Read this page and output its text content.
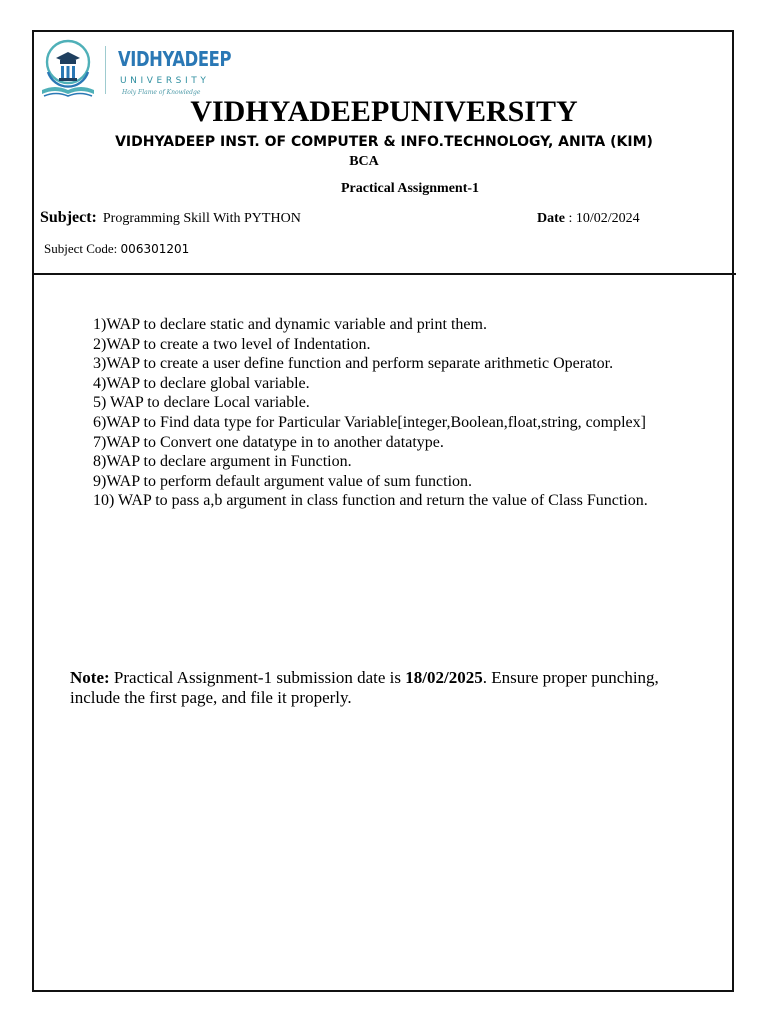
VIDHYADEEP
UNIVERSITY
Holy Flame of Knowledge
VIDHYADEEPUNIVERSITY
VIDHYADEEP INST. OF COMPUTER & INFO.TECHNOLOGY, ANITA (KIM)
BCA
Practical Assignment-1
Subject: Programming Skill With PYTHON	Date : 10/02/2024
Subject Code: 006301201
1)WAP to declare static and dynamic variable and print them.
2)WAP to create a two level of Indentation.
3)WAP to create a user define function and perform separate arithmetic Operator.
4)WAP to declare global variable.
5) WAP to declare Local variable.
6)WAP to Find data type for Particular Variable[integer,Boolean,float,string, complex]
7)WAP to Convert one datatype in to another datatype.
8)WAP to declare argument in Function.
9)WAP to perform default argument value of sum function.
10) WAP to pass a,b argument in class function and return the value of Class Function.
Note: Practical Assignment-1 submission date is 18/02/2025. Ensure proper punching, include the first page, and file it properly.
